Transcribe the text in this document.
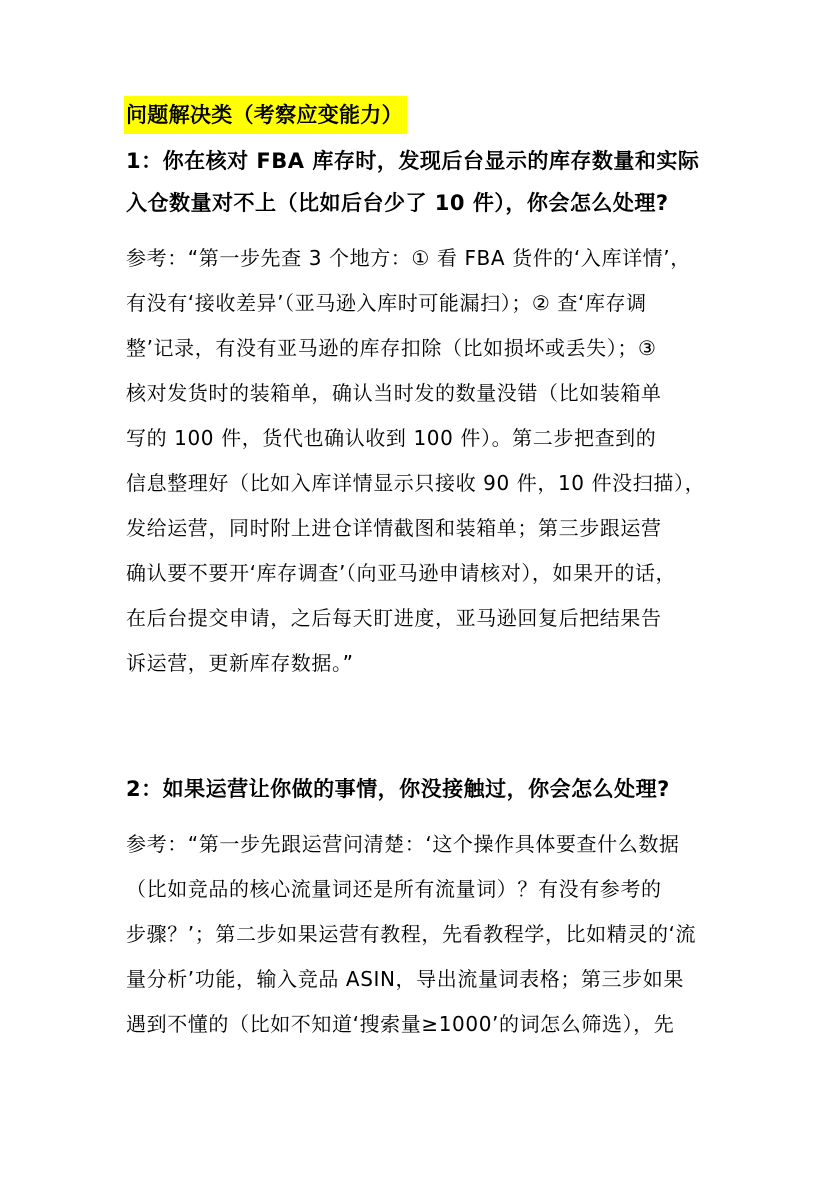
问题解决类（考察应变能力）
1：你在核对 FBA 库存时，发现后台显示的库存数量和实际
入仓数量对不上（比如后台少了 10 件），你会怎么处理?
参考：“第一步先查 3 个地方：① 看 FBA 货件的‘入库详情’，
有没有‘接收差异’（亚马逊入库时可能漏扫）；② 查‘库存调
整’记录，有没有亚马逊的库存扣除（比如损坏或丢失）；③
核对发货时的装箱单，确认当时发的数量没错（比如装箱单
写的 100 件，货代也确认收到 100 件）。第二步把查到的
信息整理好（比如入库详情显示只接收 90 件，10 件没扫描），
发给运营，同时附上进仓详情截图和装箱单；第三步跟运营
确认要不要开‘库存调查’（向亚马逊申请核对），如果开的话，
在后台提交申请，之后每天盯进度，亚马逊回复后把结果告
诉运营，更新库存数据。”
2：如果运营让你做的事情，你没接触过，你会怎么处理?
参考：“第一步先跟运营问清楚：‘这个操作具体要查什么数据
（比如竞品的核心流量词还是所有流量词）？有没有参考的
步骤？’；第二步如果运营有教程，先看教程学，比如精灵的‘流
量分析’功能，输入竞品 ASIN，导出流量词表格；第三步如果
遇到不懂的（比如不知道‘搜索量≥1000’的词怎么筛选），先
